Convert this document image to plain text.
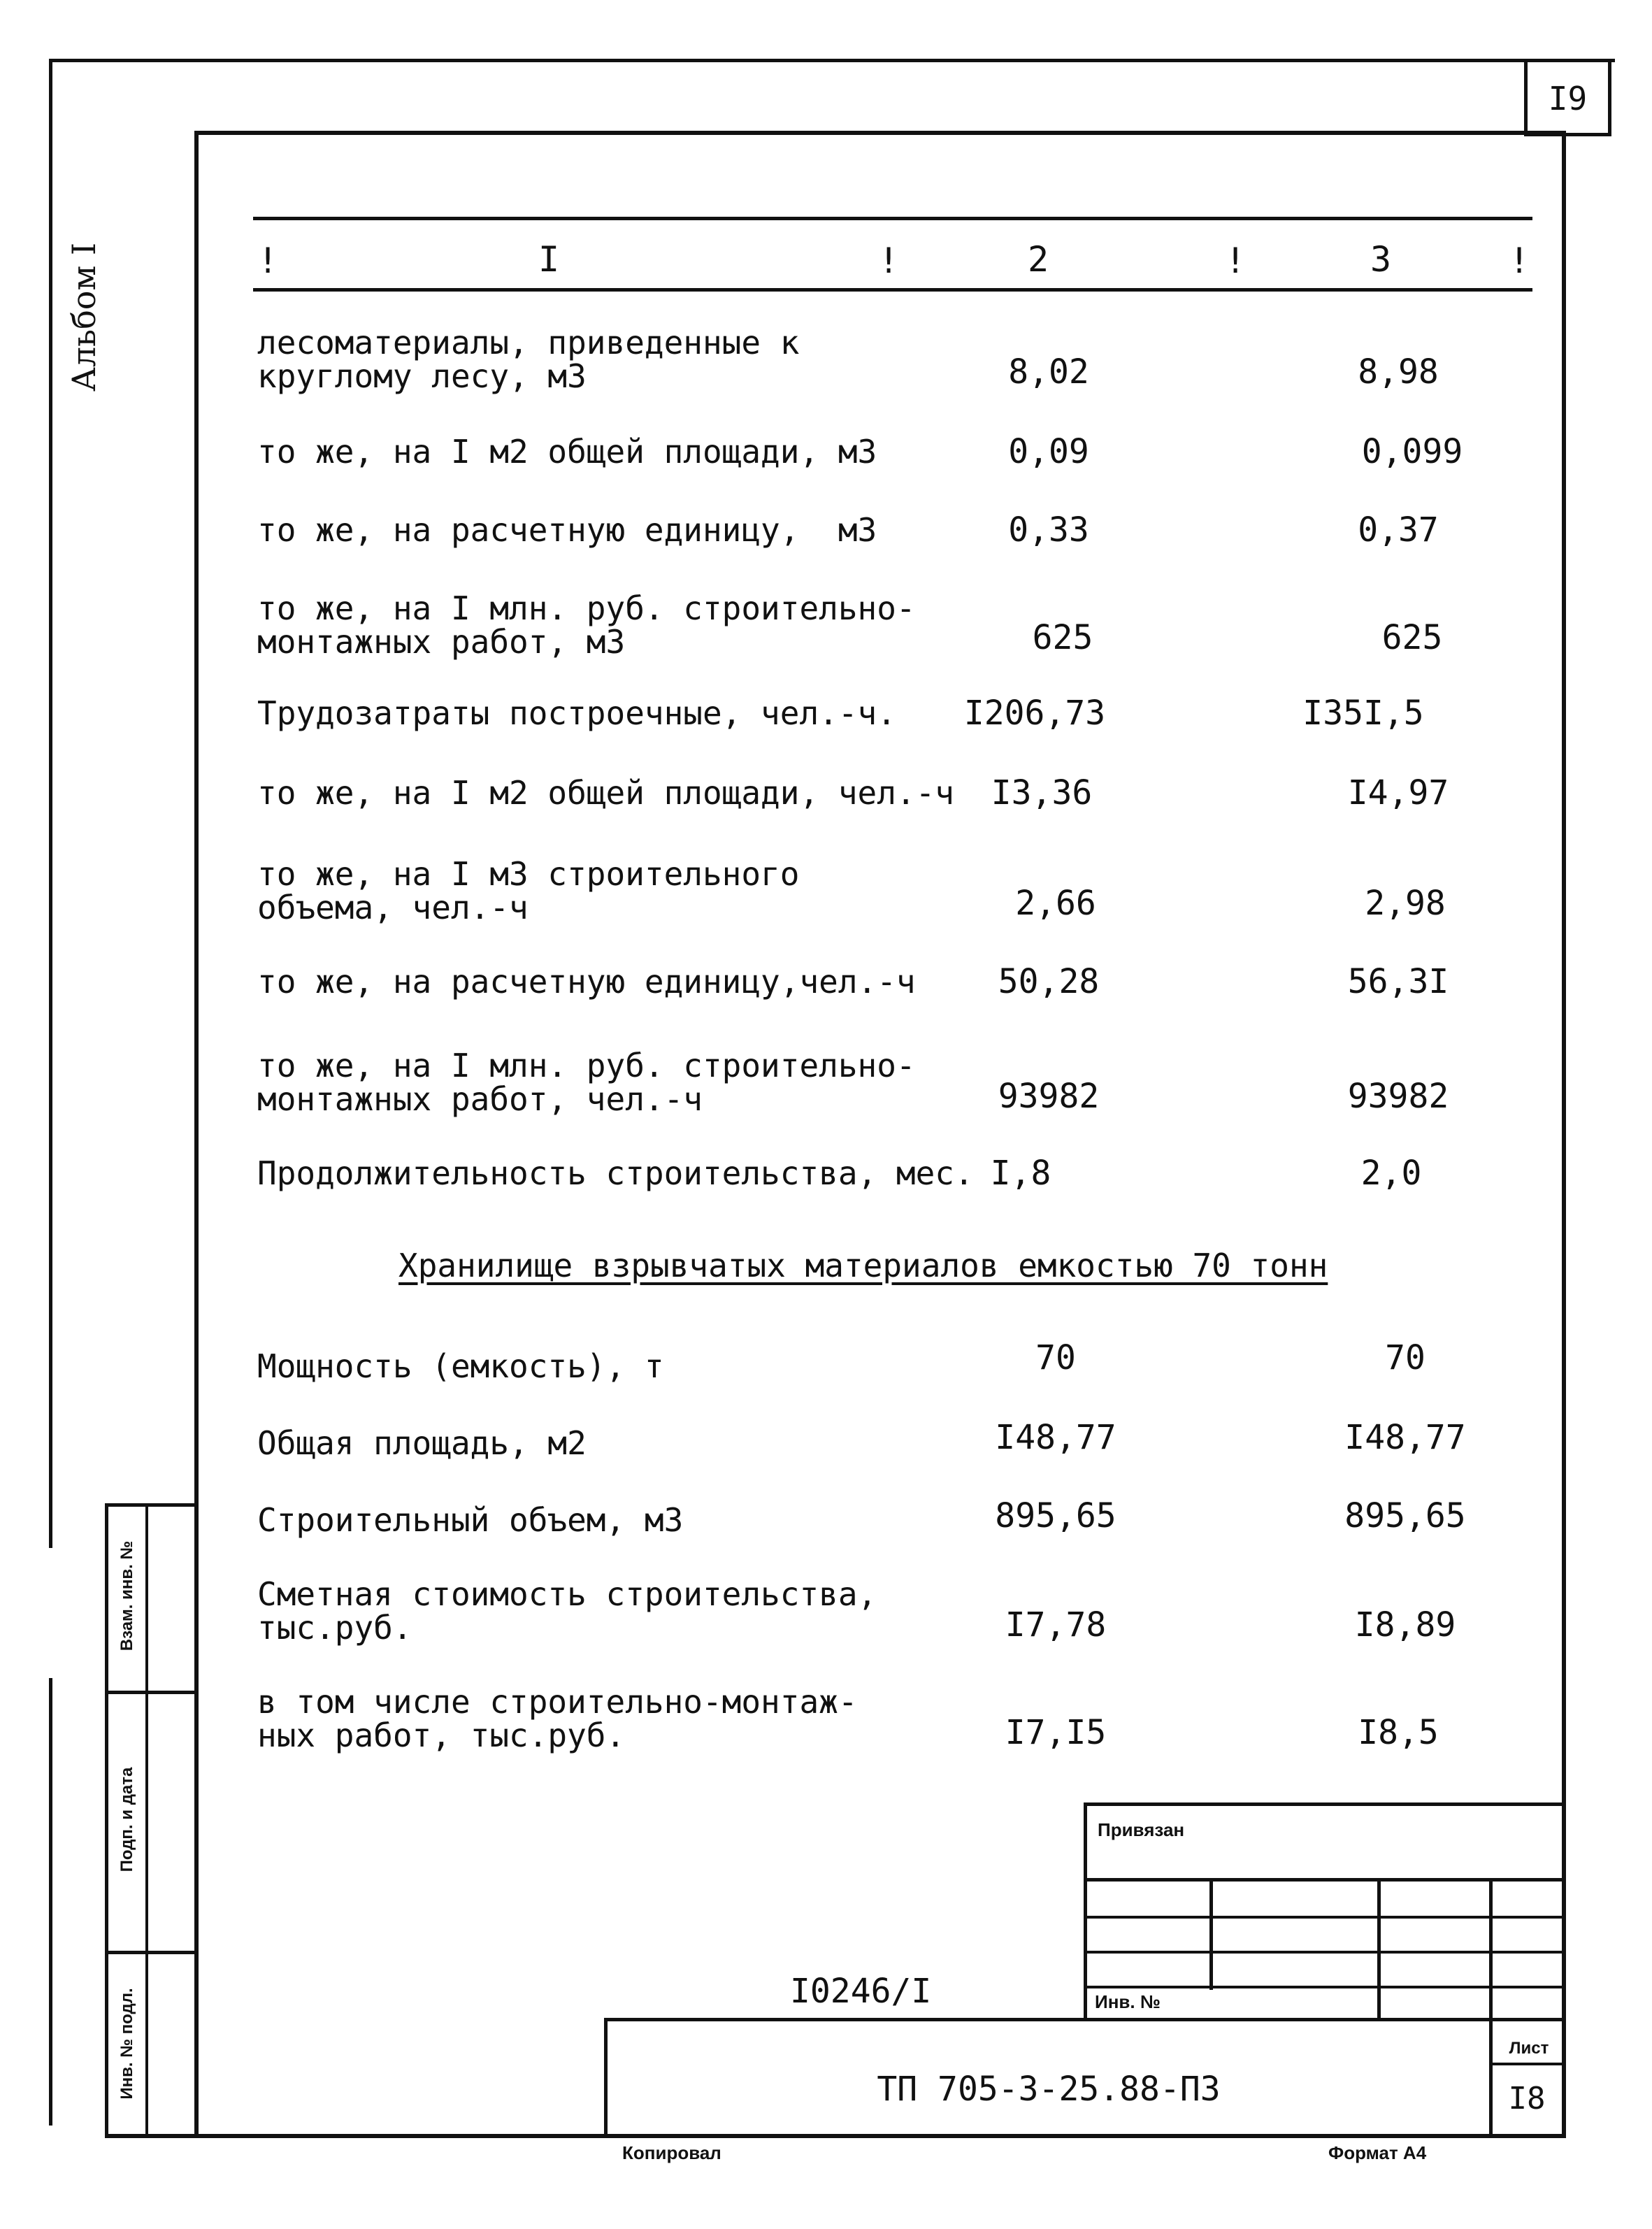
I9
Альбом I
Взам. инв. №
Подп. и дата
Инв. № подл.
!	I	!	2	!	3	!
лесоматериалы, приведенные к
круглому лесу, м3	8,02	8,98
то же, на I м2 общей площади, м3	0,09	0,099
то же, на расчетную единицу,  м3	0,33	0,37
то же, на I млн. руб. строительно-
монтажных работ, м3	625	625
Трудозатраты построечные, чел.-ч.	I206,73	I35I,5
то же, на I м2 общей площади, чел.-ч	I3,36	I4,97
то же, на I м3 строительного
объема, чел.-ч	2,66	2,98
то же, на расчетную единицу,чел.-ч	50,28	56,3I
то же, на I млн. руб. строительно-
монтажных работ, чел.-ч	93982	93982
Продолжительность строительства, мес. I,8	2,0
Хранилище взрывчатых материалов емкостью 70 тонн
Мощность (емкость), т	70	70
Общая площадь, м2	I48,77	I48,77
Строительный объем, м3	895,65	895,65
Сметная стоимость строительства,
тыс.руб.	I7,78	I8,89
в том числе строительно-монтаж-
ных работ, тыс.руб.	I7,I5	I8,5
Привязан
Инв. №
Лист
I8
ТП 705-3-25.88-ПЗ
I0246/I
Копировал	Формат А4
